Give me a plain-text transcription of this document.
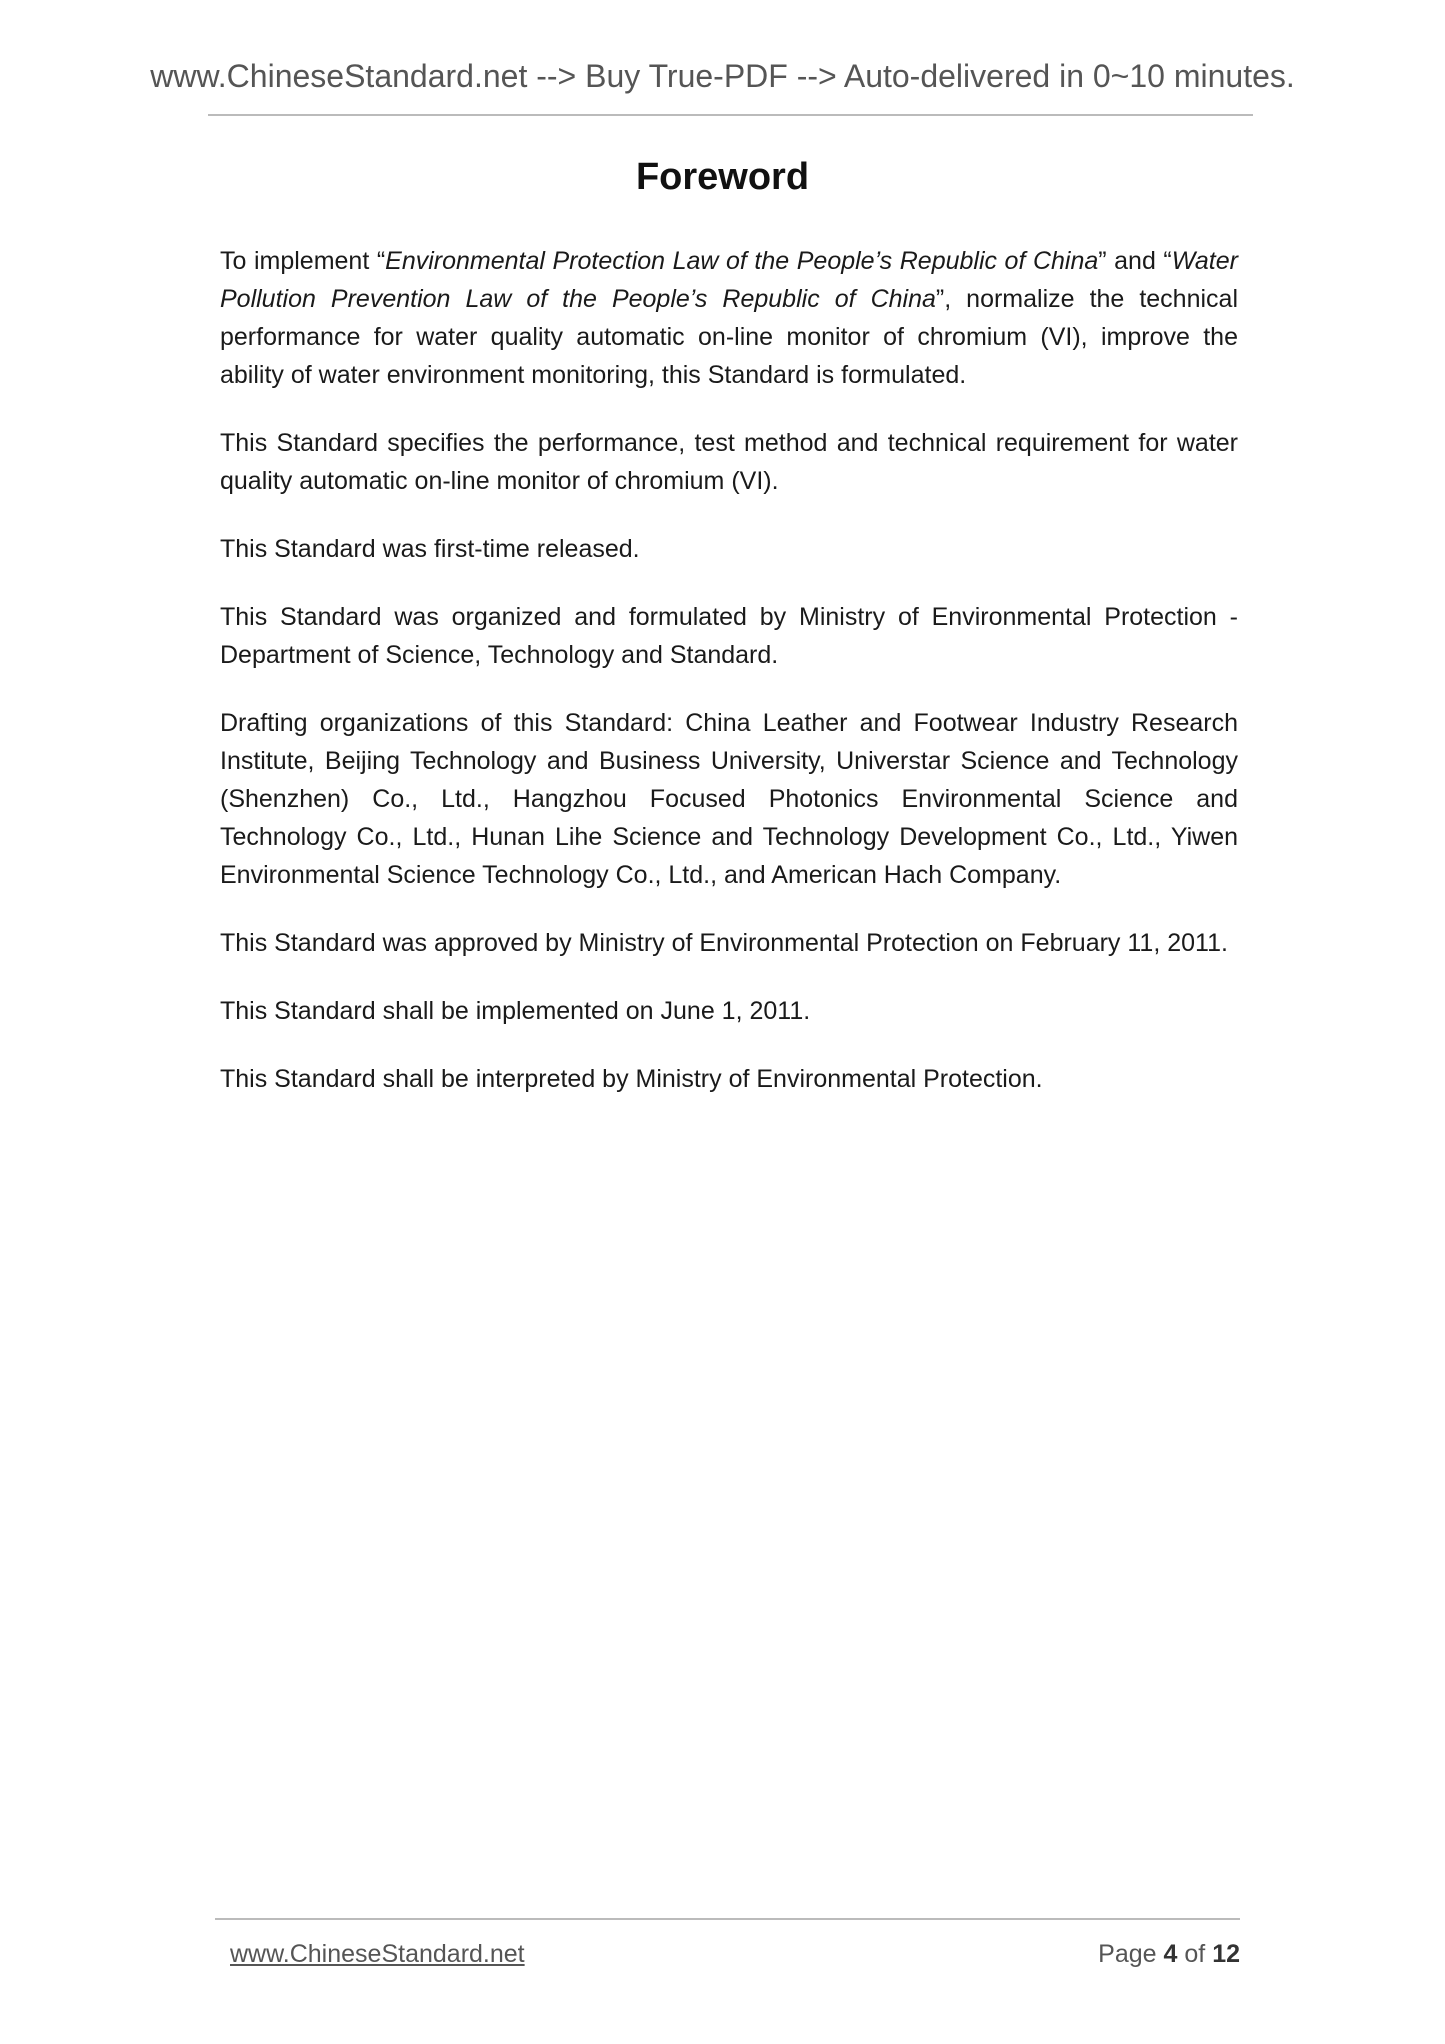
www.ChineseStandard.net --> Buy True-PDF --> Auto-delivered in 0~10 minutes.
Foreword

To implement “Environmental Protection Law of the People’s Republic of China” and “Water Pollution Prevention Law of the People’s Republic of China”, normalize the technical performance for water quality automatic on-line monitor of chromium (VI), improve the ability of water environment monitoring, this Standard is formulated.

This Standard specifies the performance, test method and technical requirement for water quality automatic on-line monitor of chromium (VI).

This Standard was first-time released.

This Standard was organized and formulated by Ministry of Environmental Protection - Department of Science, Technology and Standard.

Drafting organizations of this Standard: China Leather and Footwear Industry Research Institute, Beijing Technology and Business University, Universtar Science and Technology (Shenzhen) Co., Ltd., Hangzhou Focused Photonics Environmental Science and Technology Co., Ltd., Hunan Lihe Science and Technology Development Co., Ltd., Yiwen Environmental Science Technology Co., Ltd., and American Hach Company.

This Standard was approved by Ministry of Environmental Protection on February 11, 2011.

This Standard shall be implemented on June 1, 2011.

This Standard shall be interpreted by Ministry of Environmental Protection.

www.ChineseStandard.net	Page 4 of 12
